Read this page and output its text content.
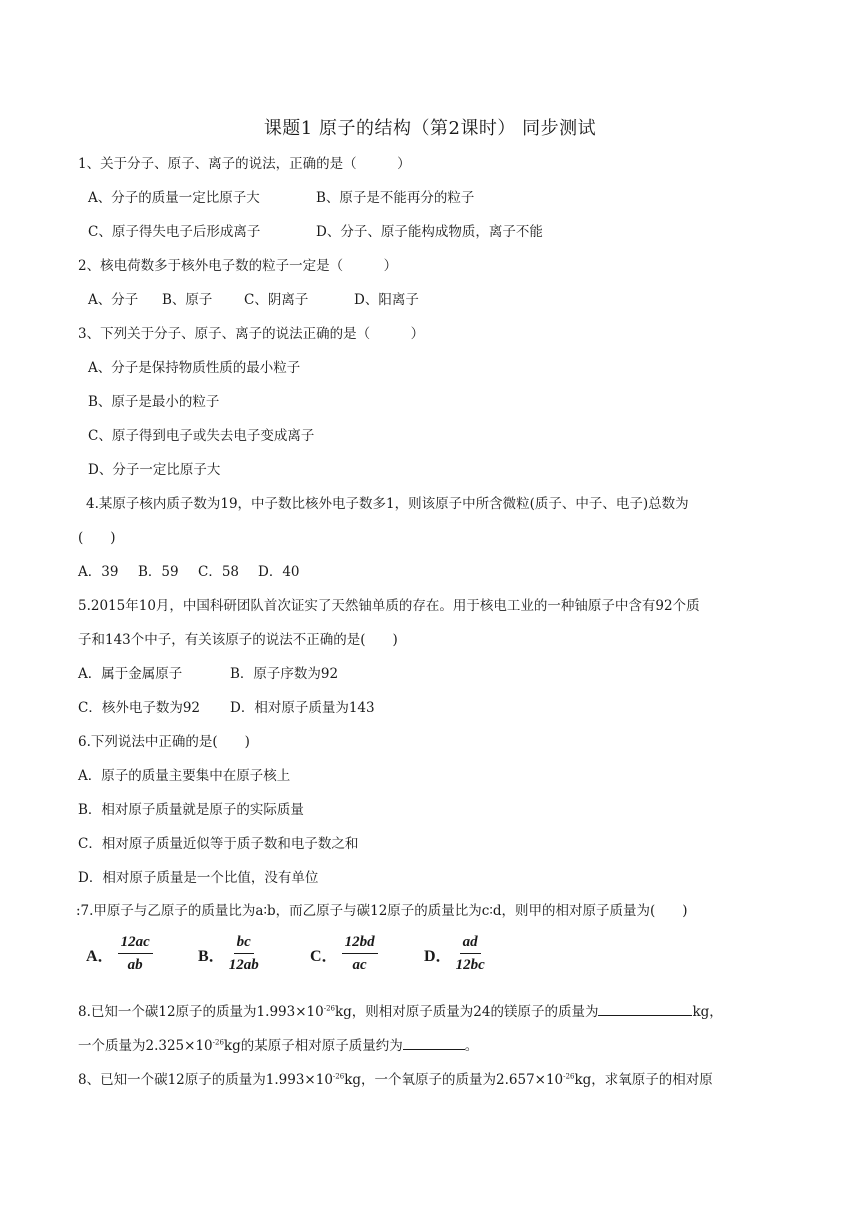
课题1 原子的结构（第2课时） 同步测试
1、关于分子、原子、离子的说法，正确的是（　　　）
A、分子的质量一定比原子大	B、原子是不能再分的粒子
C、原子得失电子后形成离子	D、分子、原子能构成物质，离子不能
2、核电荷数多于核外电子数的粒子一定是（　　　）
A、分子 B、原子 C、阴离子	D、阳离子
3、下列关于分子、原子、离子的说法正确的是（　　　）
A、分子是保持物质性质的最小粒子
B、原子是最小的粒子
C、原子得到电子或失去电子变成离子
D、分子一定比原子大
4.某原子核内质子数为19，中子数比核外电子数多1，则该原子中所含微粒(质子、中子、电子)总数为
(　　)
A．39 B．59 C．58 D．40
5.2015年10月，中国科研团队首次证实了天然铀单质的存在。用于核电工业的一种铀原子中含有92个质
子和143个中子，有关该原子的说法不正确的是(　　)
A．属于金属原子	B．原子序数为92
C．核外电子数为92 D．相对原子质量为143
6.下列说法中正确的是(　　)
A．原子的质量主要集中在原子核上
B．相对原子质量就是原子的实际质量
C．相对原子质量近似等于质子数和电子数之和
D．相对原子质量是一个比值，没有单位
:7.甲原子与乙原子的质量比为a∶b，而乙原子与碳12原子的质量比为c∶d，则甲的相对原子质量为(　　)
A． $\frac{12ac}{ab}$	B． $\frac{bc}{12ab}$	C． $\frac{12bd}{ac}$	D． $\frac{ad}{12bc}$
8.已知一个碳12原子的质量为$1.993\times 10^{-26}kg$，则相对原子质量为24的镁原子的质量为	kg，
一个质量为$2.325\times 10^{-26}kg$的某原子相对原子质量约为	。
8、已知一个碳12原子的质量为$1.993\times 10^{-26}kg$，一个氧原子的质量为$2.657\times 10^{-26}kg$，求氧原子的相对原
